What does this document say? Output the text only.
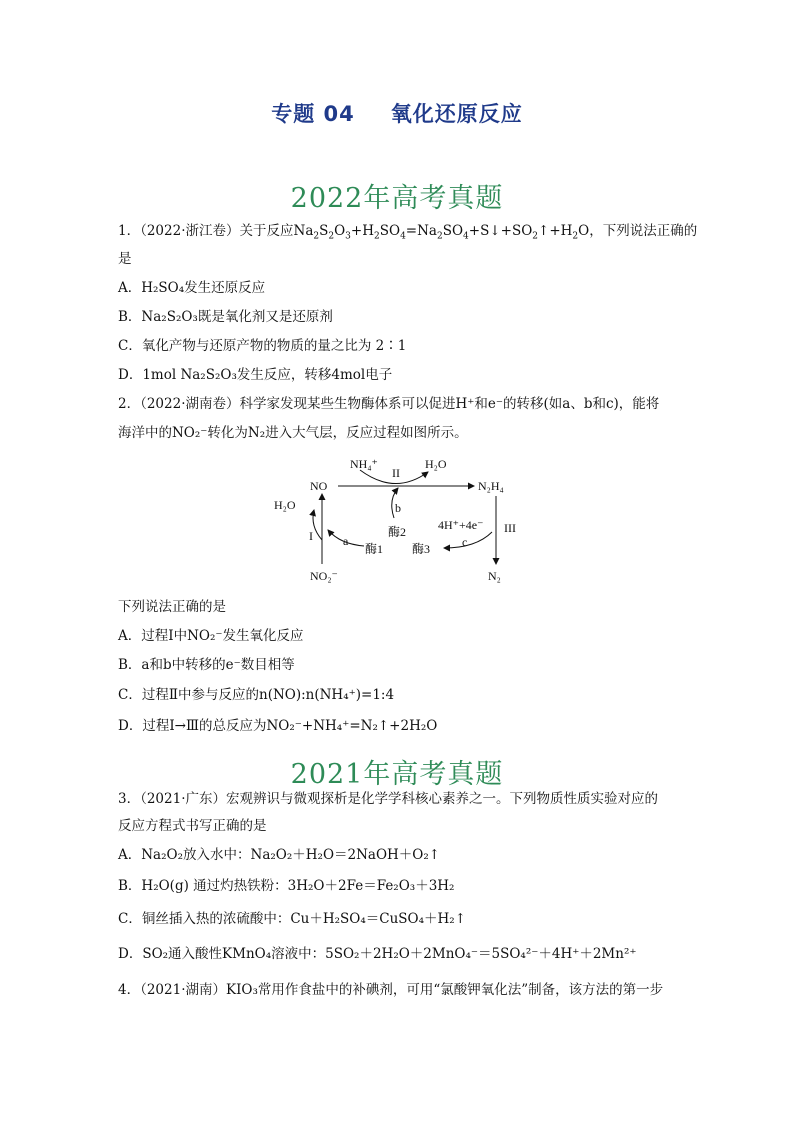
专题 04 氧化还原反应
2022年高考真题
1．（2022·浙江卷）关于反应$Na_2S_2O_3+H_2SO_4=Na_2SO_4+S↓+SO_2↑+H_2O$，下列说法正确的
是
A．H₂SO₄发生还原反应
B．Na₂S₂O₃既是氧化剂又是还原剂
C．氧化产物与还原产物的物质的量之比为 2∶1
D．1mol Na₂S₂O₃发生反应，转移4mol电子
2．（2022·湖南卷）科学家发现某些生物酶体系可以促进H⁺和e⁻的转移(如a、b和c)，能将
海洋中的NO₂⁻转化为N₂进入大气层，反应过程如图所示。
NO	N₂H₄
NH₄⁺	H₂O
H₂O
II
I
III
b
a	c
酶2
酶1 酶3
4H⁺+4e⁻
NO₂⁻	N₂
下列说法正确的是
A．过程Ⅰ中NO₂⁻发生氧化反应
B．a和b中转移的e⁻数目相等
C．过程Ⅱ中参与反应的n(NO):n(NH₄⁺)=1:4
D．过程Ⅰ→Ⅲ的总反应为NO₂⁻+NH₄⁺=N₂↑+2H₂O
2021年高考真题
3．（2021·广东）宏观辨识与微观探析是化学学科核心素养之一。下列物质性质实验对应的
反应方程式书写正确的是
A．Na₂O₂放入水中：Na₂O₂＋H₂O＝2NaOH＋O₂↑
B．H₂O(g) 通过灼热铁粉：3H₂O＋2Fe＝Fe₂O₃＋3H₂
C．铜丝插入热的浓硫酸中：Cu＋H₂SO₄＝CuSO₄＋H₂↑
D．SO₂通入酸性KMnO₄溶液中：5SO₂＋2H₂O＋2MnO₄⁻＝5SO₄²⁻＋4H⁺＋2Mn²⁺
4．（2021·湖南）KIO₃常用作食盐中的补碘剂，可用“氯酸钾氧化法”制备，该方法的第一步
